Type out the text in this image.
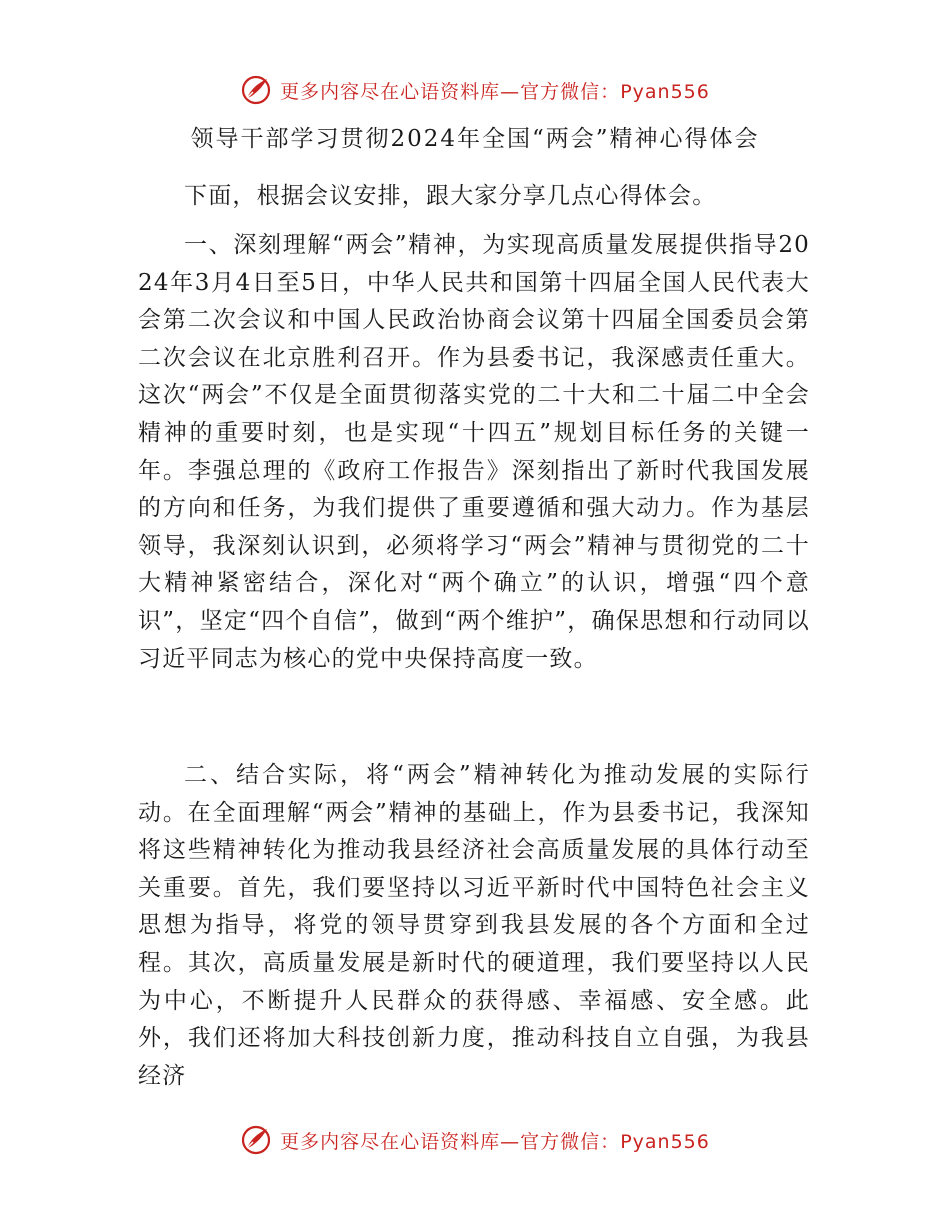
更多内容尽在心语资料库—官方微信：Pyan556
领导干部学习贯彻2024年全国“两会”精神心得体会

下面，根据会议安排，跟大家分享几点心得体会。

一、深刻理解“两会”精神，为实现高质量发展提供指导2024年3月4日至5日，中华人民共和国第十四届全国人民代表大会第二次会议和中国人民政治协商会议第十四届全国委员会第二次会议在北京胜利召开。作为县委书记，我深感责任重大。这次“两会”不仅是全面贯彻落实党的二十大和二十届二中全会精神的重要时刻，也是实现“十四五”规划目标任务的关键一年。李强总理的《政府工作报告》深刻指出了新时代我国发展的方向和任务，为我们提供了重要遵循和强大动力。作为基层领导，我深刻认识到，必须将学习“两会”精神与贯彻党的二十大精神紧密结合，深化对“两个确立”的认识，增强“四个意识”，坚定“四个自信”，做到“两个维护”，确保思想和行动同以习近平同志为核心的党中央保持高度一致。

二、结合实际，将“两会”精神转化为推动发展的实际行动。在全面理解“两会”精神的基础上，作为县委书记，我深知将这些精神转化为推动我县经济社会高质量发展的具体行动至关重要。首先，我们要坚持以习近平新时代中国特色社会主义思想为指导，将党的领导贯穿到我县发展的各个方面和全过程。其次，高质量发展是新时代的硬道理，我们要坚持以人民为中心，不断提升人民群众的获得感、幸福感、安全感。此外，我们还将加大科技创新力度，推动科技自立自强，为我县经济

更多内容尽在心语资料库—官方微信：Pyan556
